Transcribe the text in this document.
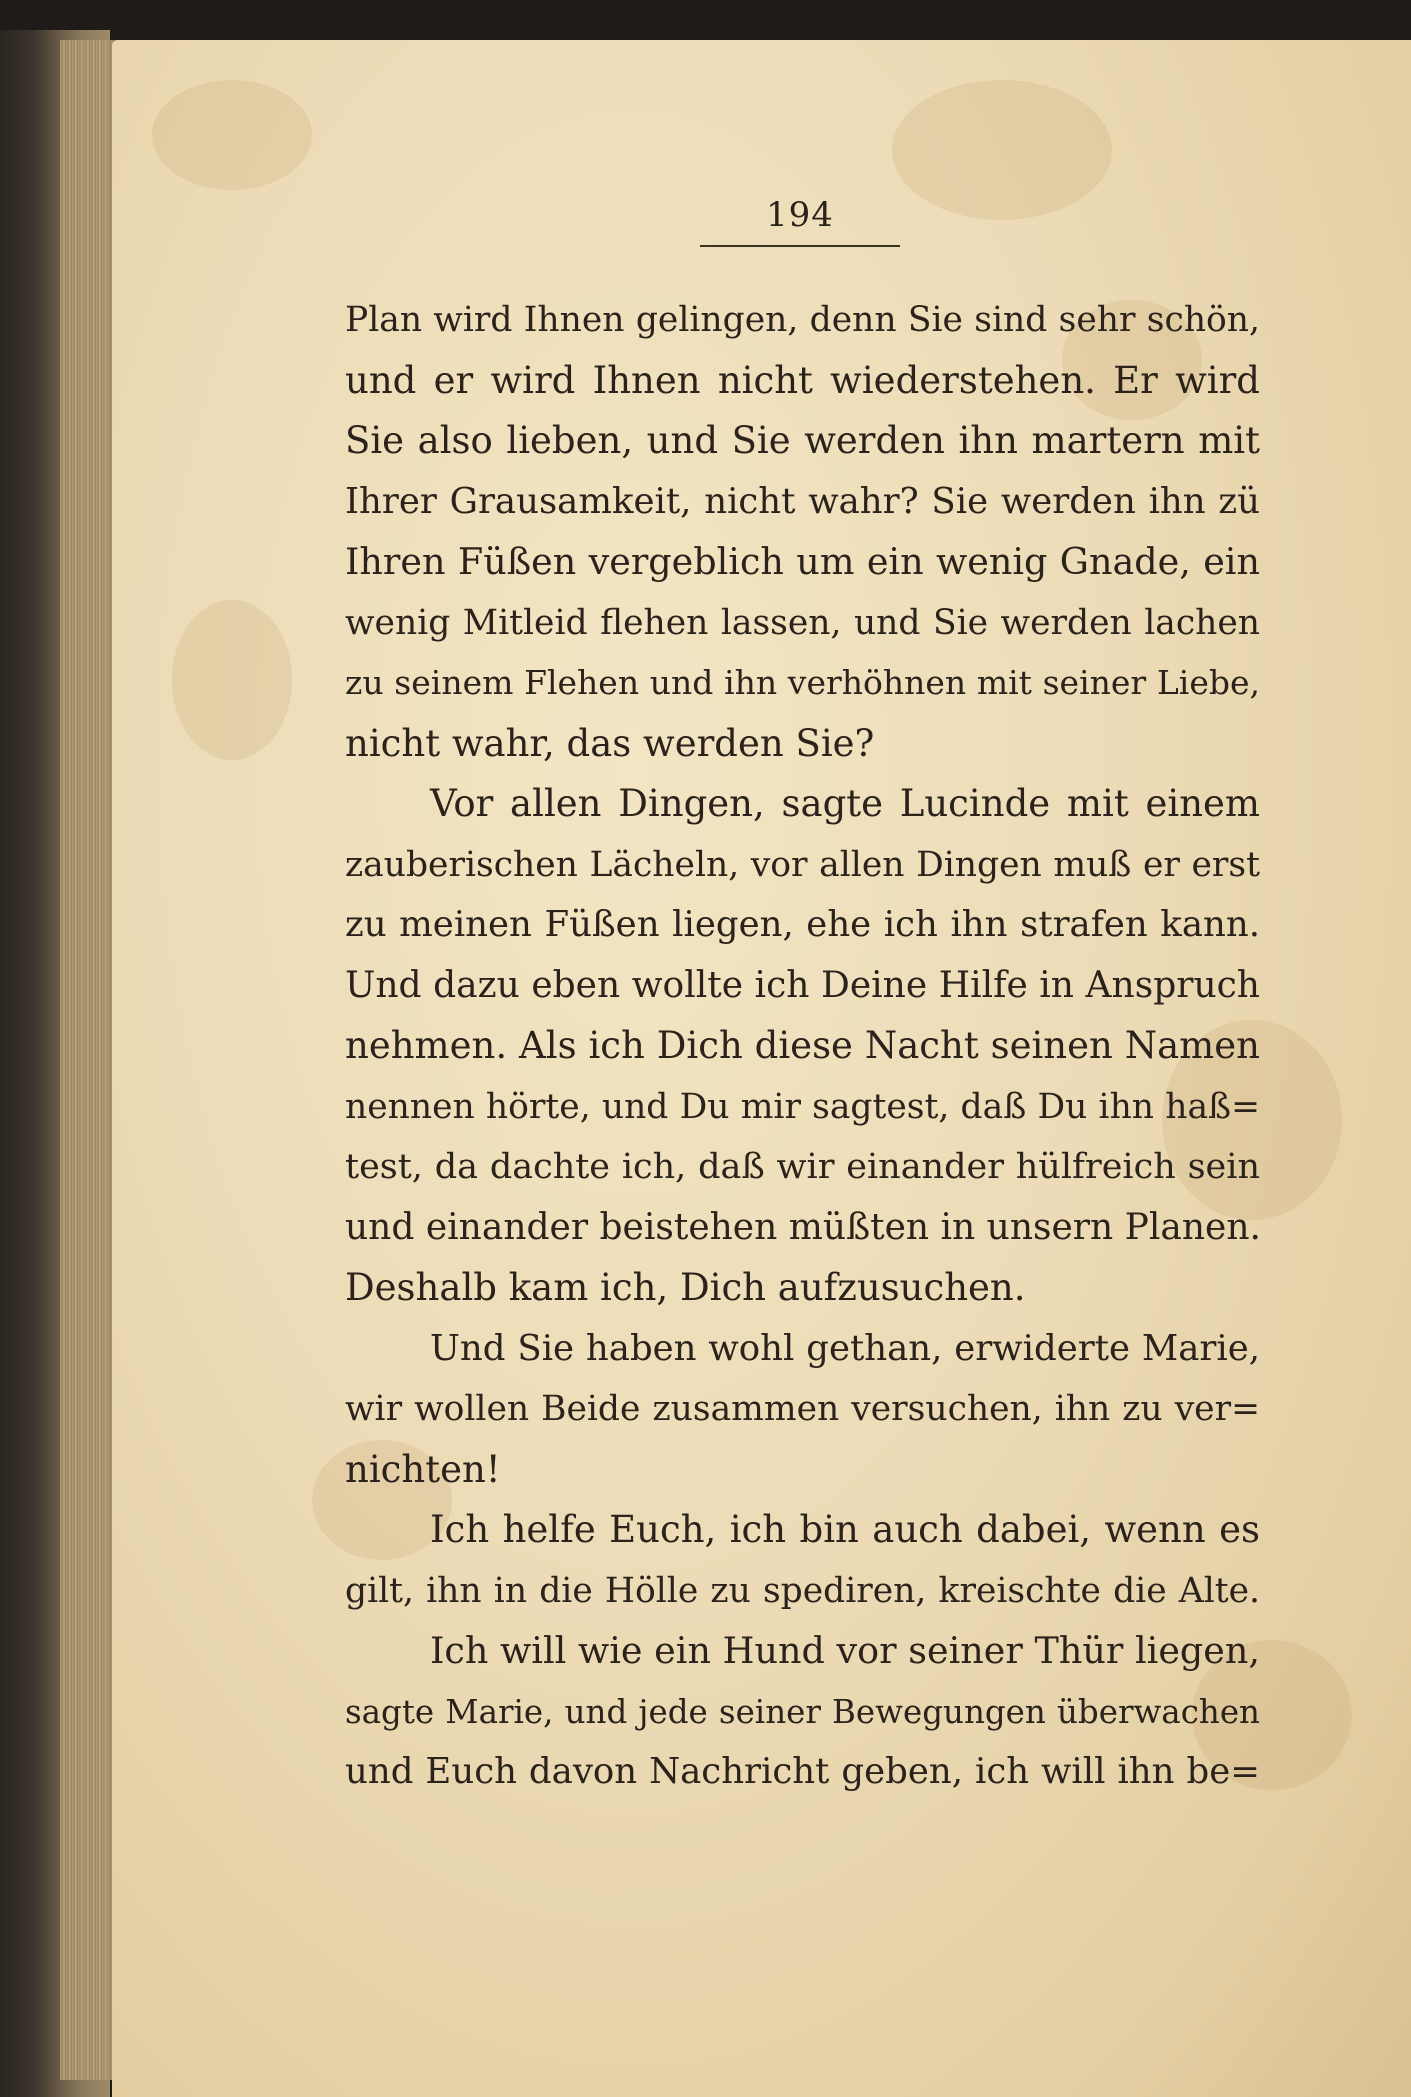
194
Plan wird Ihnen gelingen, denn Sie sind sehr schön,
und er wird Ihnen nicht wiederstehen. Er wird
Sie also lieben, und Sie werden ihn martern mit
Ihrer Grausamkeit, nicht wahr? Sie werden ihn zü
Ihren Füßen vergeblich um ein wenig Gnade, ein
wenig Mitleid flehen lassen, und Sie werden lachen
zu seinem Flehen und ihn verhöhnen mit seiner Liebe,
nicht wahr, das werden Sie?
Vor allen Dingen, sagte Lucinde mit einem
zauberischen Lächeln, vor allen Dingen muß er erst
zu meinen Füßen liegen, ehe ich ihn strafen kann.
Und dazu eben wollte ich Deine Hilfe in Anspruch
nehmen. Als ich Dich diese Nacht seinen Namen
nennen hörte, und Du mir sagtest, daß Du ihn haß=
test, da dachte ich, daß wir einander hülfreich sein
und einander beistehen müßten in unsern Planen.
Deshalb kam ich, Dich aufzusuchen.
Und Sie haben wohl gethan, erwiderte Marie,
wir wollen Beide zusammen versuchen, ihn zu ver=
nichten!
Ich helfe Euch, ich bin auch dabei, wenn es
gilt, ihn in die Hölle zu spediren, kreischte die Alte.
Ich will wie ein Hund vor seiner Thür liegen,
sagte Marie, und jede seiner Bewegungen überwachen
und Euch davon Nachricht geben, ich will ihn be=
